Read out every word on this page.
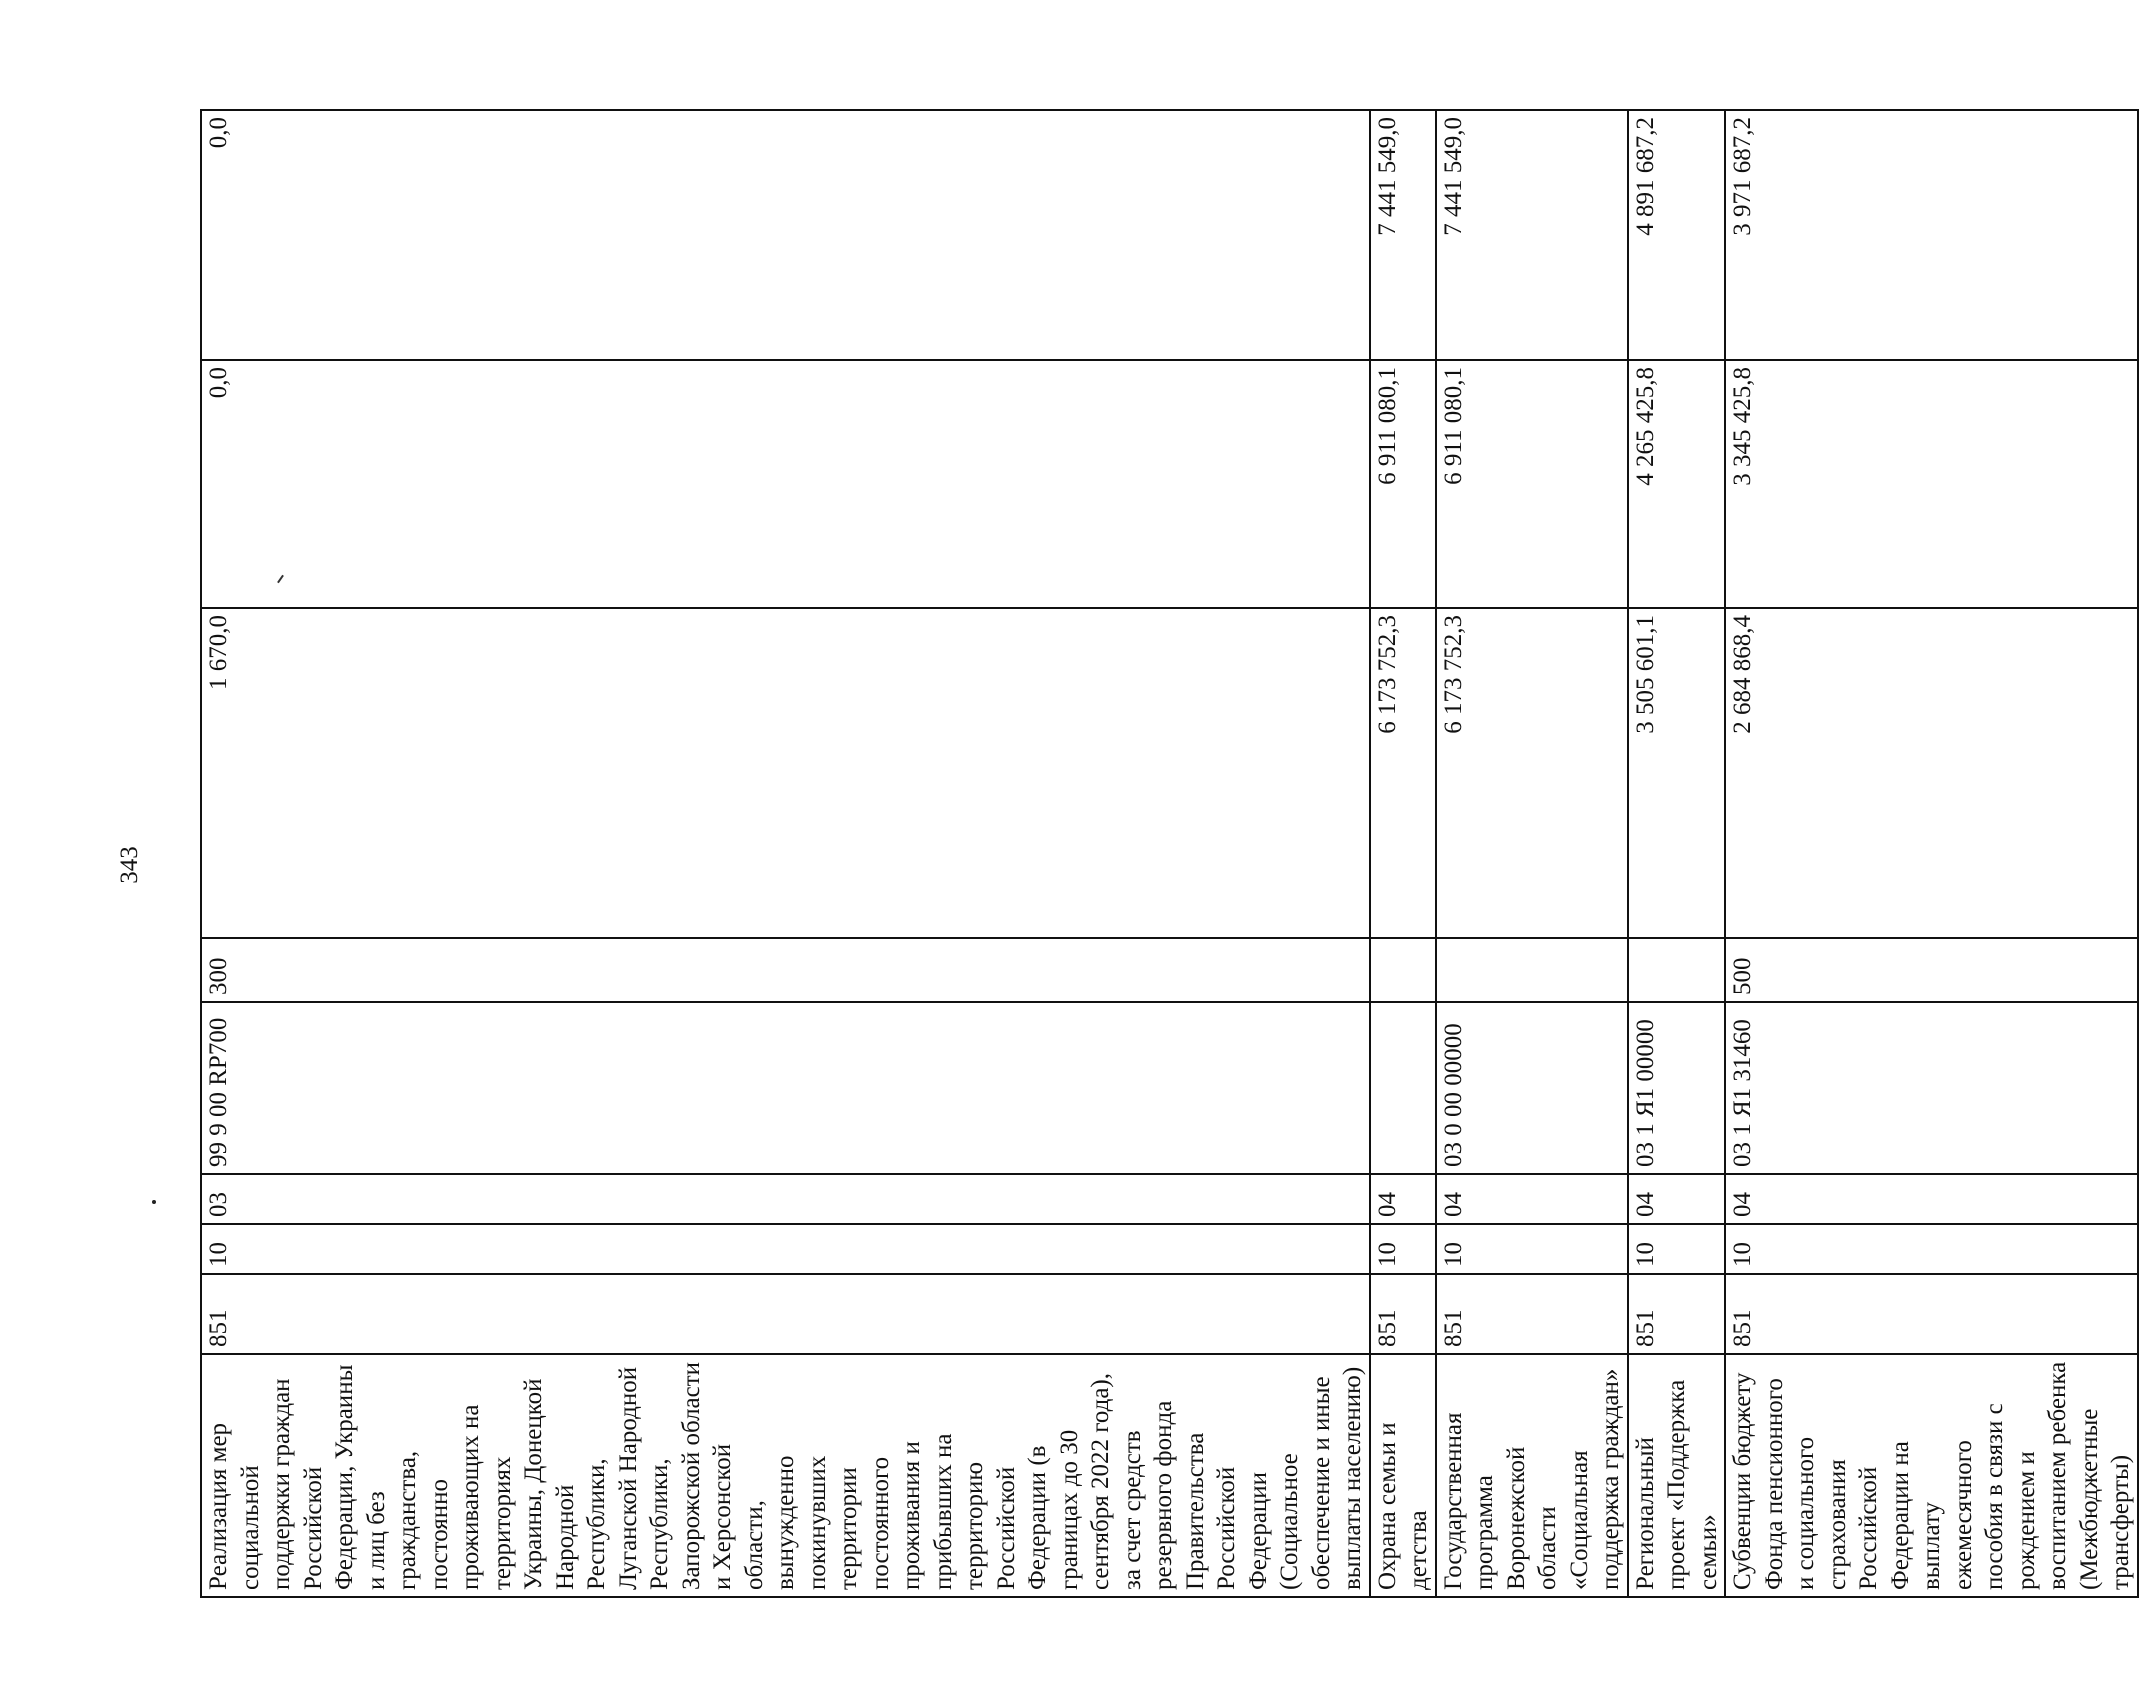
343
Реализация мер социальной поддержки граждан Российской Федерации, Украины и лиц без гражданства, постоянно проживающих на территориях Украины, Донецкой Народной Республики, Луганской Народной Республики, Запорожской области и Херсонской области, вынужденно покинувших территории постоянного проживания и прибывших на территорию Российской Федерации (в границах до 30 сентября 2022 года), за счет средств резервного фонда Правительства Российской Федерации (Социальное обеспечение и иные выплаты населению)	851	10	03	99 9 00 RP700	300	1 670,0	0,0	0,0
Охрана семьи и детства	851	10	04			6 173 752,3	6 911 080,1	7 441 549,0
Государственная программа Воронежской области «Социальная поддержка граждан»	851	10	04	03 0 00 00000		6 173 752,3	6 911 080,1	7 441 549,0
Региональный проект «Поддержка семьи»	851	10	04	03 1 Я1 00000		3 505 601,1	4 265 425,8	4 891 687,2
Субвенции бюджету Фонда пенсионного и социального страхования Российской Федерации на выплату ежемесячного пособия в связи с рождением и воспитанием ребенка (Межбюджетные трансферты)	851	10	04	03 1 Я1 31460	500	2 684 868,4	3 345 425,8	3 971 687,2
